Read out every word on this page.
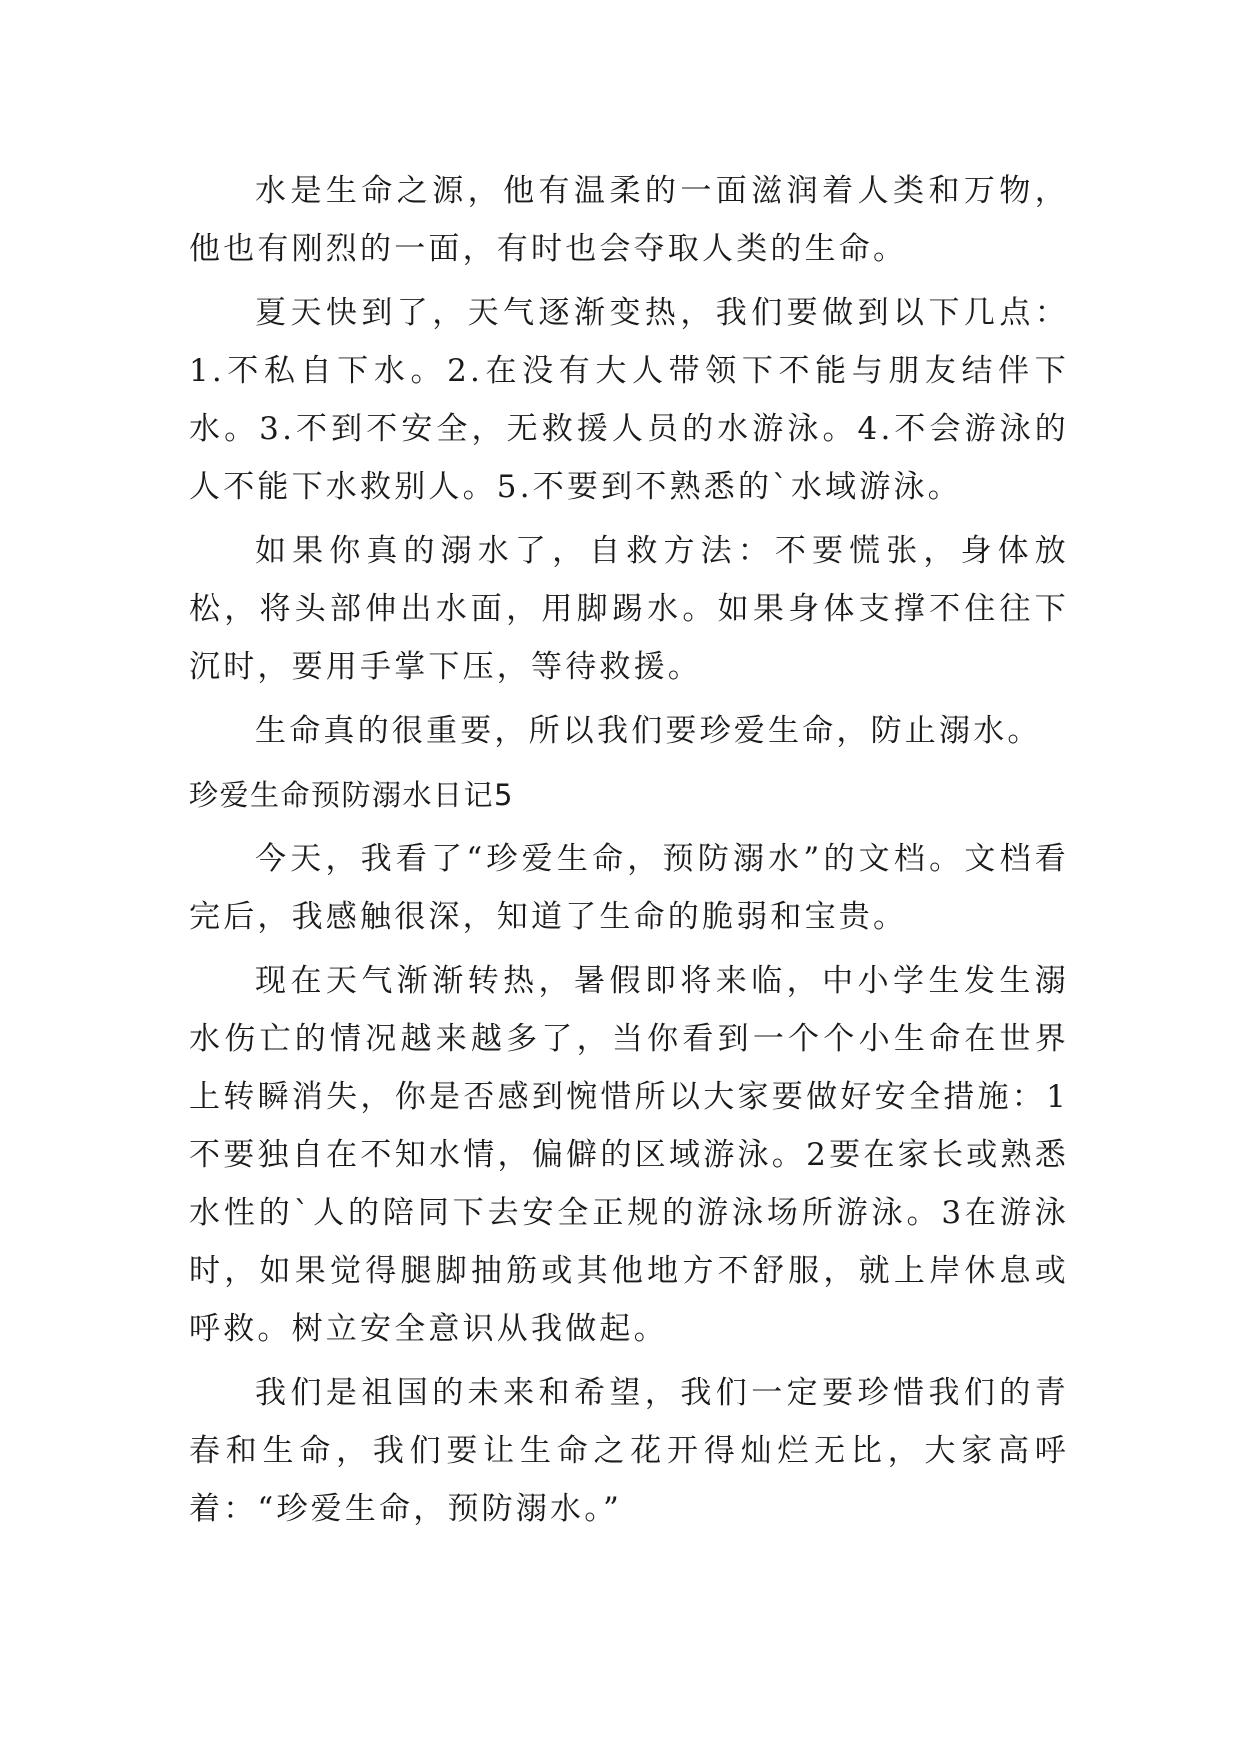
水是生命之源，他有温柔的一面滋润着人类和万物，他也有刚烈的一面，有时也会夺取人类的生命。

夏天快到了，天气逐渐变热，我们要做到以下几点：1.不私自下水。2.在没有大人带领下不能与朋友结伴下水。3.不到不安全，无救援人员的水游泳。4.不会游泳的人不能下水救别人。5.不要到不熟悉的`水域游泳。

如果你真的溺水了，自救方法：不要慌张，身体放松，将头部伸出水面，用脚踢水。如果身体支撑不住往下沉时，要用手掌下压，等待救援。

生命真的很重要，所以我们要珍爱生命，防止溺水。

珍爱生命预防溺水日记5

今天，我看了“珍爱生命，预防溺水”的文档。文档看完后，我感触很深，知道了生命的脆弱和宝贵。

现在天气渐渐转热，暑假即将来临，中小学生发生溺水伤亡的情况越来越多了，当你看到一个个小生命在世界上转瞬消失，你是否感到惋惜所以大家要做好安全措施：1不要独自在不知水情，偏僻的区域游泳。2要在家长或熟悉水性的`人的陪同下去安全正规的游泳场所游泳。3在游泳时，如果觉得腿脚抽筋或其他地方不舒服，就上岸休息或呼救。树立安全意识从我做起。

我们是祖国的未来和希望，我们一定要珍惜我们的青春和生命，我们要让生命之花开得灿烂无比，大家高呼着：“珍爱生命，预防溺水。”
